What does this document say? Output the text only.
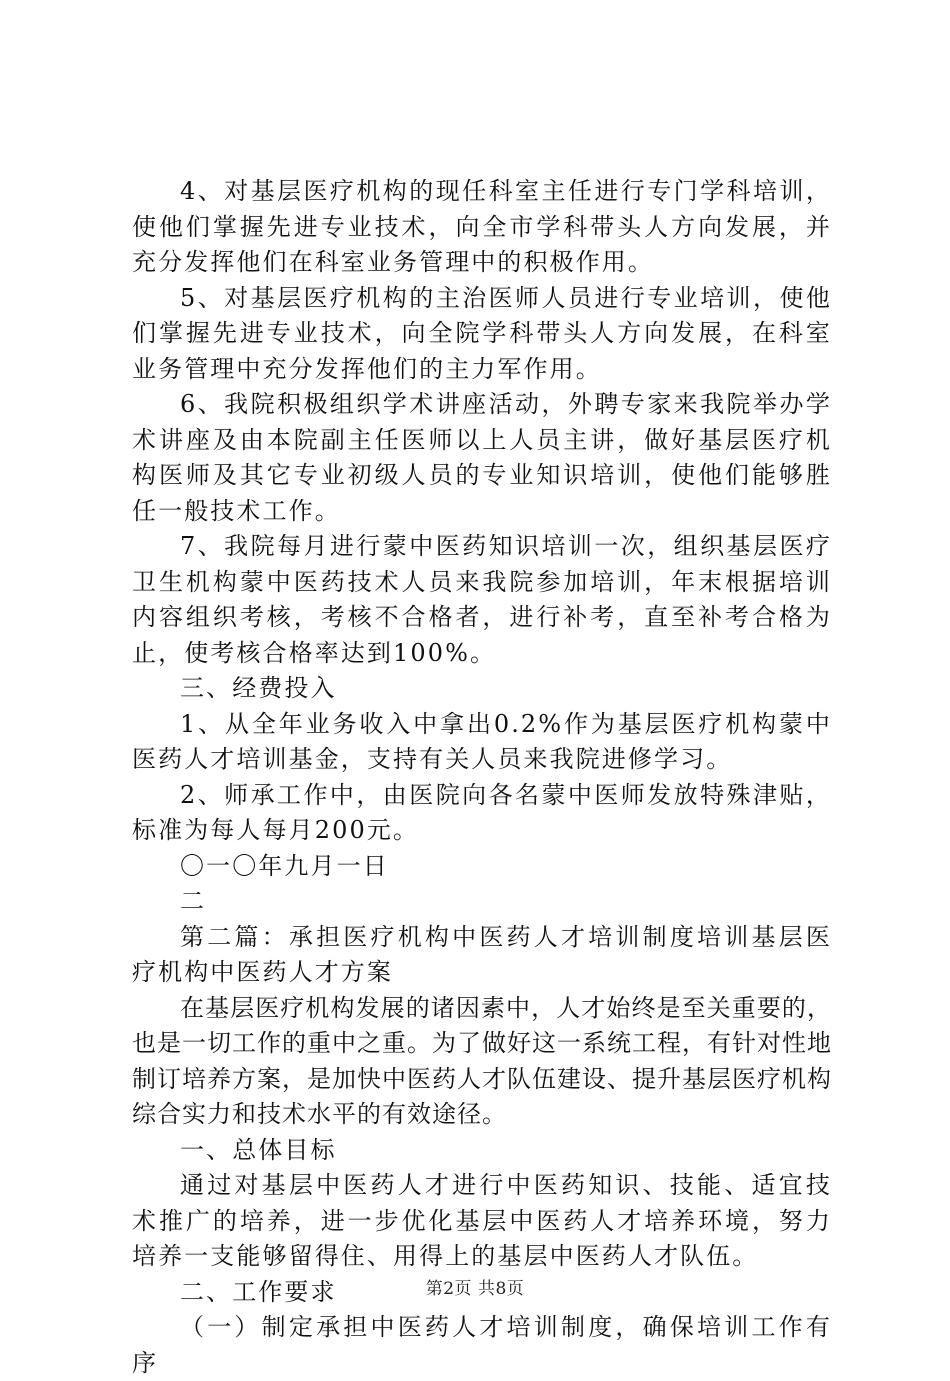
4、对基层医疗机构的现任科室主任进行专门学科培训，使他们掌握先进专业技术，向全市学科带头人方向发展，并充分发挥他们在科室业务管理中的积极作用。

5、对基层医疗机构的主治医师人员进行专业培训，使他们掌握先进专业技术，向全院学科带头人方向发展，在科室业务管理中充分发挥他们的主力军作用。

6、我院积极组织学术讲座活动，外聘专家来我院举办学术讲座及由本院副主任医师以上人员主讲，做好基层医疗机构医师及其它专业初级人员的专业知识培训，使他们能够胜任一般技术工作。

7、我院每月进行蒙中医药知识培训一次，组织基层医疗卫生机构蒙中医药技术人员来我院参加培训，年末根据培训内容组织考核，考核不合格者，进行补考，直至补考合格为止，使考核合格率达到100%。

三、经费投入

1、从全年业务收入中拿出0.2%作为基层医疗机构蒙中医药人才培训基金，支持有关人员来我院进修学习。

2、师承工作中，由医院向各名蒙中医师发放特殊津贴，标准为每人每月200元。

〇一〇年九月一日

二

第二篇：承担医疗机构中医药人才培训制度培训基层医疗机构中医药人才方案

在基层医疗机构发展的诸因素中，人才始终是至关重要的，也是一切工作的重中之重。为了做好这一系统工程，有针对性地制订培养方案，是加快中医药人才队伍建设、提升基层医疗机构综合实力和技术水平的有效途径。

一、总体目标

通过对基层中医药人才进行中医药知识、技能、适宜技术推广的培养，进一步优化基层中医药人才培养环境，努力培养一支能够留得住、用得上的基层中医药人才队伍。

二、工作要求

（一）制定承担中医药人才培训制度，确保培训工作有序

第2页 共8页
